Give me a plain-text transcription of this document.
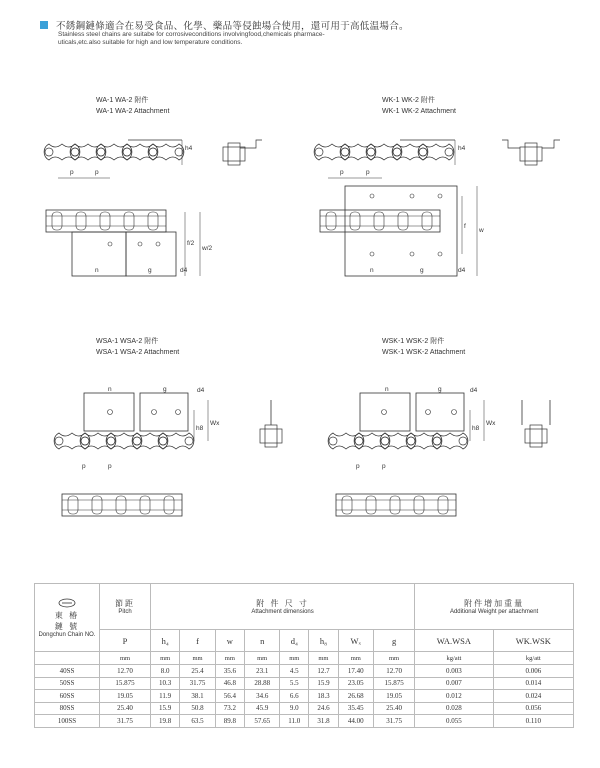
不銹鋼鏈條適合在易受食品、化學、藥品等侵蝕場合使用，還可用于高低温場合。
Stainless steel chains are suitabe for corrosiveconditions involvingfood,chemicals pharmace-
uticals,etc.also suitable for high and low temperature conditions.
WA-1 WA-2 附件
WA-1 WA-2 Attachment
WK-1 WK-2 附件
WK-1 WK-2 Attachment
WSA-1 WSA-2 附件
WSA-1 WSA-2 Attachment
WSK-1 WSK-2 附件
WSK-1 WSK-2 Attachment
h4
p	p
f/2
w/2
n	g	d4
h4
p	p
f
w
n	g	d4
n	g	d4
h8
Wx
p	p
n	g	d4
h8
Wx
p	p
東 椿
鏈 號
Dongchun Chain NO.	節距
Pitch	附 件 尺 寸
Attachment dimensions								附件增加重量
Additional Weight per attachment	

	P	h₄	f	w	n	d₄	h₈	Wₓ	g	WA.WSA	WK.WSK
	mm	mm	mm	mm	mm	mm	mm	mm	mm	kg/att	kg/att
40SS	12.70	8.0	25.4	35.6	23.1	4.5	12.7	17.40	12.70	0.003	0.006
50SS	15.875	10.3	31.75	46.8	28.88	5.5	15.9	23.05	15.875	0.007	0.014
60SS	19.05	11.9	38.1	56.4	34.6	6.6	18.3	26.68	19.05	0.012	0.024
80SS	25.40	15.9	50.8	73.2	45.9	9.0	24.6	35.45	25.40	0.028	0.056
100SS	31.75	19.8	63.5	89.8	57.65	11.0	31.8	44.00	31.75	0.055	0.110
